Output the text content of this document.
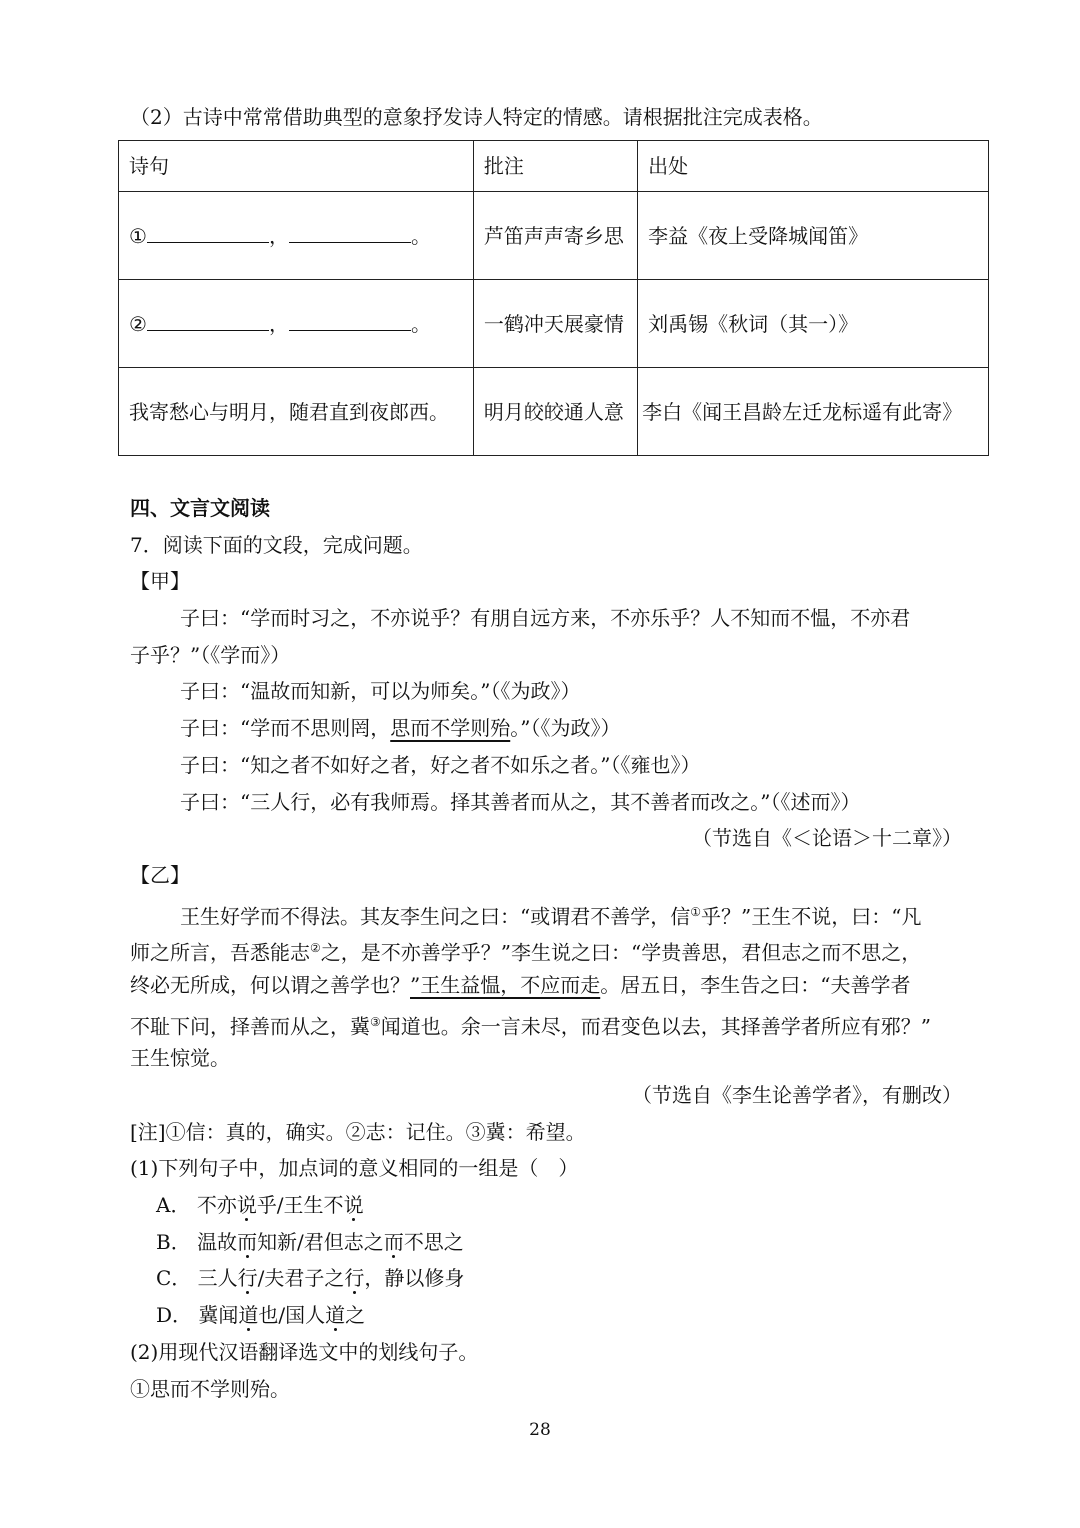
（2）古诗中常常借助典型的意象抒发诗人特定的情感。请根据批注完成表格。
诗句	批注	出处
① ， 。	芦笛声声寄乡思	李益《夜上受降城闻笛》
② ， 。	一鹤冲天展豪情	刘禹锡《秋词（其一）》
我寄愁心与明月，随君直到夜郎西。	明月皎皎通人意	李白《闻王昌龄左迁龙标遥有此寄》
四、文言文阅读
7．阅读下面的文段，完成问题。
【甲】
子曰：“学而时习之，不亦说乎？有朋自远方来，不亦乐乎？人不知而不愠，不亦君
子乎？”（《学而》）
子曰：“温故而知新，可以为师矣。”（《为政》）
子曰：“学而不思则罔，思而不学则殆。”（《为政》）
子曰：“知之者不如好之者，好之者不如乐之者。”（《雍也》）
子曰：“三人行，必有我师焉。择其善者而从之，其不善者而改之。”（《述而》）
（节选自《＜论语＞十二章》）
【乙】
王生好学而不得法。其友李生问之曰：“或谓君不善学，信①乎？”王生不说，曰：“凡
师之所言，吾悉能志②之，是不亦善学乎？”李生说之曰：“学贵善思，君但志之而不思之，
终必无所成，何以谓之善学也？”王生益愠，不应而走。居五日，李生告之曰：“夫善学者
不耻下问，择善而从之，冀③闻道也。余一言未尽，而君变色以去，其择善学者所应有邪？”
王生惊觉。
（节选自《李生论善学者》，有删改）
[注]①信：真的，确实。②志：记住。③冀：希望。
(1)下列句子中，加点词的意义相同的一组是（　）
A． 不亦说乎/王生不说
B． 温故而知新/君但志之而不思之
C． 三人行/夫君子之行，静以修身
D． 冀闻道也/国人道之
(2)用现代汉语翻译选文中的划线句子。
①思而不学则殆。
28
